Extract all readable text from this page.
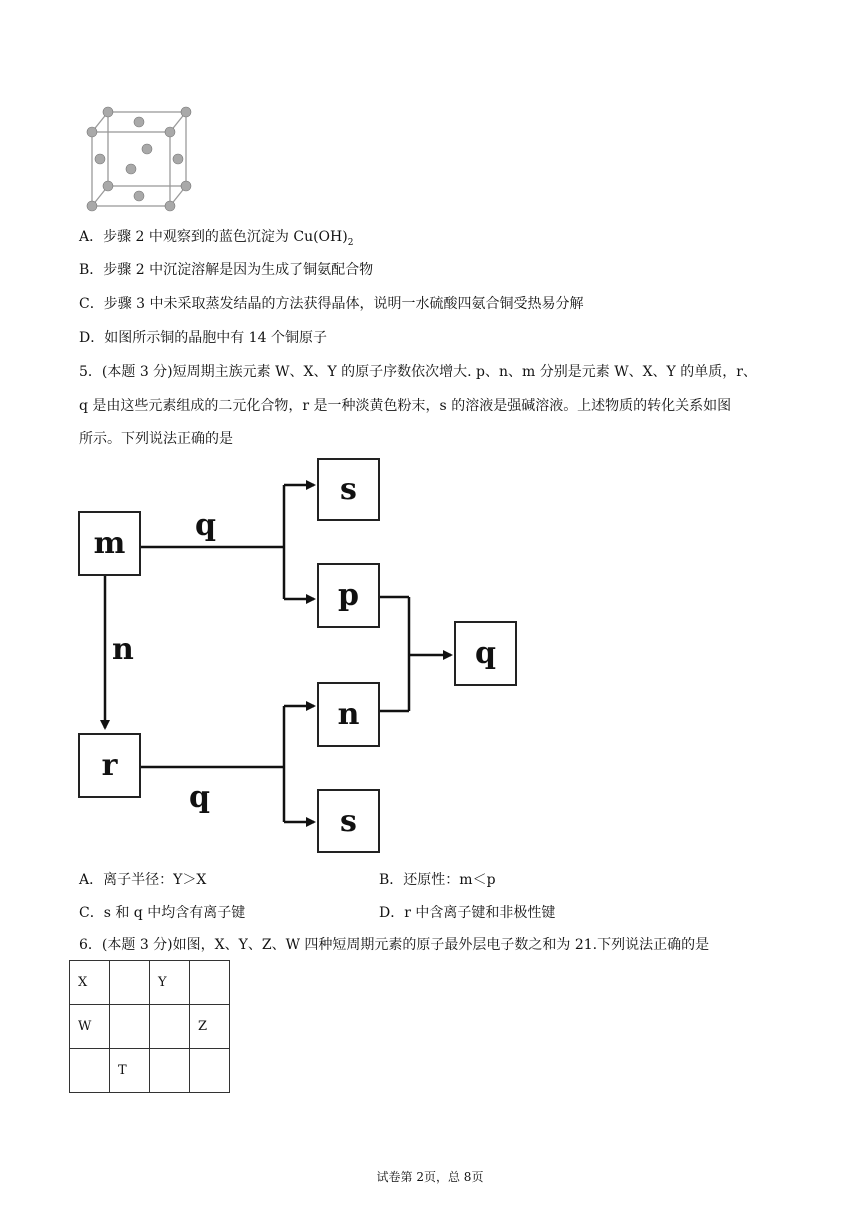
A．步骤 2 中观察到的蓝色沉淀为 $Cu(OH)_2$
B．步骤 2 中沉淀溶解是因为生成了铜氨配合物
C．步骤 3 中未采取蒸发结晶的方法获得晶体，说明一水硫酸四氨合铜受热易分解
D．如图所示铜的晶胞中有 14 个铜原子
5．(本题 3 分)短周期主族元素 W、X、Y 的原子序数依次增大. p、n、m 分别是元素 W、X、Y 的单质，r、
q 是由这些元素组成的二元化合物，r 是一种淡黄色粉末，s 的溶液是强碱溶液。上述物质的转化关系如图
所示。下列说法正确的是
m
r
s
p
n
s
q
q
n
q
A．离子半径：Y＞X	B．还原性：m＜p
C．s 和 q 中均含有离子键	D．r 中含离子键和非极性键
6．(本题 3 分)如图，X、Y、Z、W 四种短周期元素的原子最外层电子数之和为 21.下列说法正确的是
X		Y	
W			Z
	T		
试卷第 2页，总 8页
